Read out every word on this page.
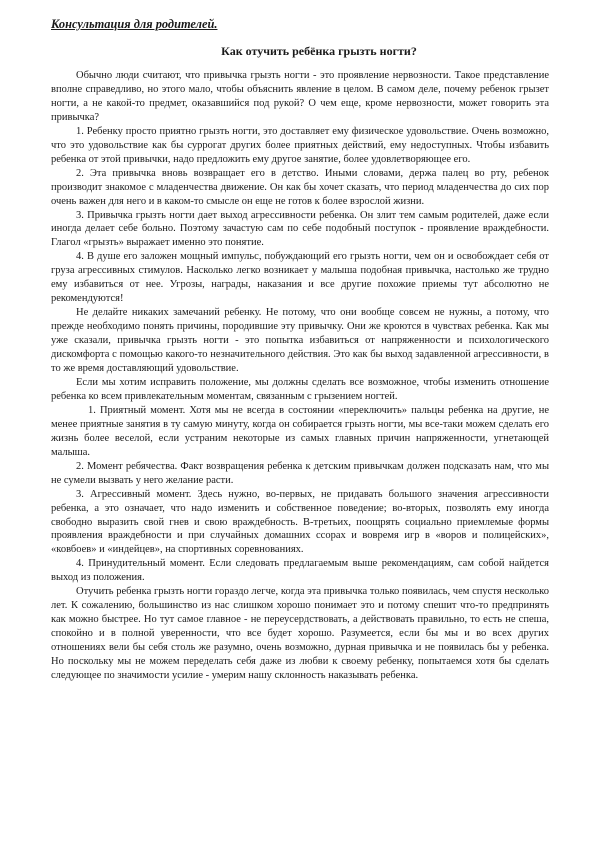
Консультация для родителей.
Как отучить ребёнка грызть ногти?

Обычно люди считают, что привычка грызть ногти - это проявление нервозности. Такое представление вполне справедливо, но этого мало, чтобы объяснить явление в целом. В самом деле, почему ребенок грызет ногти, а не какой-то предмет, оказавшийся под рукой? О чем еще, кроме нервозности, может говорить эта привычка?

1. Ребенку просто приятно грызть ногти, это доставляет ему физическое удовольствие. Очень возможно, что это удовольствие как бы суррогат других более приятных действий, ему недоступных. Чтобы избавить ребенка от этой привычки, надо предложить ему другое занятие, более удовлетворяющее его.

2. Эта привычка вновь возвращает его в детство. Иными словами, держа палец во рту, ребенок производит знакомое с младенчества движение. Он как бы хочет сказать, что период младенчества до сих пор очень важен для него и в каком-то смысле он еще не готов к более взрослой жизни.

3. Привычка грызть ногти дает выход агрессивности ребенка. Он злит тем самым родителей, даже если иногда делает себе больно. Поэтому зачастую сам по себе подобный поступок - проявление враждебности. Глагол «грызть» выражает именно это понятие.

4. В душе его заложен мощный импульс, побуждающий его грызть ногти, чем он и освобождает себя от груза агрессивных стимулов. Насколько легко возникает у малыша подобная привычка, настолько же трудно ему избавиться от нее. Угрозы, награды, наказания и все другие похожие приемы тут абсолютно не рекомендуются!

Не делайте никаких замечаний ребенку. Не потому, что они вообще совсем не нужны, а потому, что прежде необходимо понять причины, породившие эту привычку. Они же кроются в чувствах ребенка. Как мы уже сказали, привычка грызть ногти - это попытка избавиться от напряженности и психологического дискомфорта с помощью какого-то незначительного действия. Это как бы выход задавленной агрессивности, в то же время доставляющий удовольствие.

Если мы хотим исправить положение, мы должны сделать все возможное, чтобы изменить отношение ребенка ко всем привлекательным моментам, связанным с грызением ногтей.

1. Приятный момент. Хотя мы не всегда в состоянии «переключить» пальцы ребенка на другие, не менее приятные занятия в ту самую минуту, когда он собирается грызть ногти, мы все-таки можем сделать его жизнь более веселой, если устраним некоторые из самых главных причин напряженности, угнетающей малыша.

2. Момент ребячества. Факт возвращения ребенка к детским привычкам должен подсказать нам, что мы не сумели вызвать у него желание расти.

3. Агрессивный момент. Здесь нужно, во-первых, не придавать большого значения агрессивности ребенка, а это означает, что надо изменить и собственное поведение; во-вторых, позволять ему иногда свободно выразить свой гнев и свою враждебность. В-третьих, поощрять социально приемлемые формы проявления враждебности и при случайных домашних ссорах и вовремя игр в «воров и полицейских», «ковбоев» и «индейцев», на спортивных соревнованиях.

4. Принудительный момент. Если следовать предлагаемым выше рекомендациям, сам собой найдется выход из положения.

Отучить ребенка грызть ногти гораздо легче, когда эта привычка только появилась, чем спустя несколько лет. К сожалению, большинство из нас слишком хорошо понимает это и потому спешит что-то предпринять как можно быстрее. Но тут самое главное - не переусердствовать, а действовать правильно, то есть не спеша, спокойно и в полной уверенности, что все будет хорошо. Разумеется, если бы мы и во всех других отношениях вели бы себя столь же разумно, очень возможно, дурная привычка и не появилась бы у ребенка. Но поскольку мы не можем переделать себя даже из любви к своему ребенку, попытаемся хотя бы сделать следующее по значимости усилие - умерим нашу склонность наказывать ребенка.
